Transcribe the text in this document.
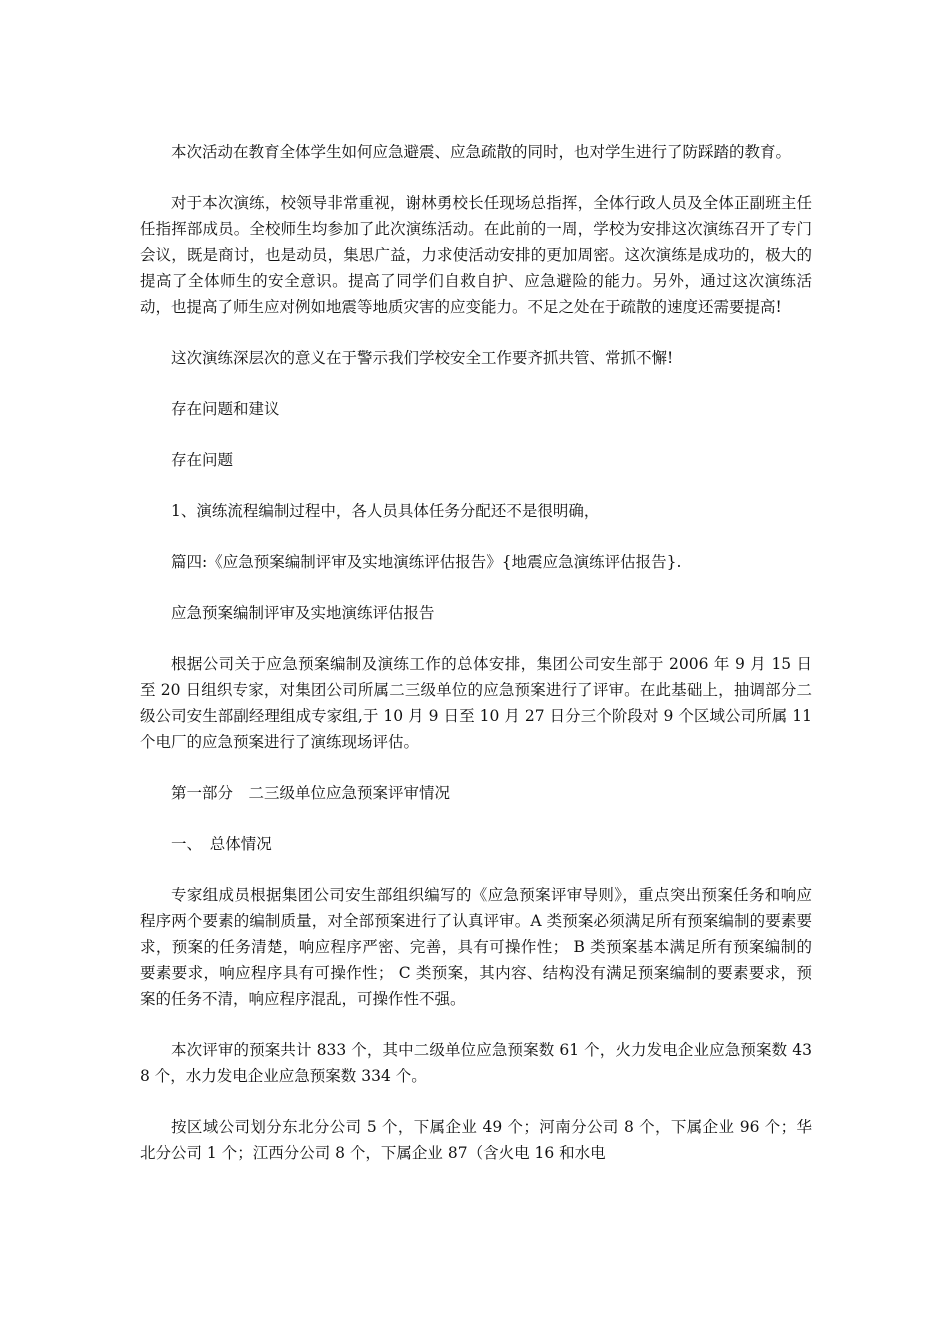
本次活动在教育全体学生如何应急避震、应急疏散的同时，也对学生进行了防踩踏的教育。

对于本次演练，校领导非常重视，谢林勇校长任现场总指挥，全体行政人员及全体正副班主任任指挥部成员。全校师生均参加了此次演练活动。在此前的一周，学校为安排这次演练召开了专门会议，既是商讨，也是动员，集思广益，力求使活动安排的更加周密。这次演练是成功的，极大的提高了全体师生的安全意识。提高了同学们自救自护、应急避险的能力。另外，通过这次演练活动，也提高了师生应对例如地震等地质灾害的应变能力。不足之处在于疏散的速度还需要提高!

这次演练深层次的意义在于警示我们学校安全工作要齐抓共管、常抓不懈!

存在问题和建议

存在问题

1、演练流程编制过程中，各人员具体任务分配还不是很明确，

篇四:《应急预案编制评审及实地演练评估报告》{地震应急演练评估报告}.

应急预案编制评审及实地演练评估报告

根据公司关于应急预案编制及演练工作的总体安排，集团公司安生部于 2006 年 9 月 15 日至 20 日组织专家，对集团公司所属二三级单位的应急预案进行了评审。在此基础上，抽调部分二级公司安生部副经理组成专家组,于 10 月 9 日至 10 月 27 日分三个阶段对 9 个区域公司所属 11 个电厂的应急预案进行了演练现场评估。

第一部分　二三级单位应急预案评审情况

一、　总体情况

专家组成员根据集团公司安生部组织编写的《应急预案评审导则》，重点突出预案任务和响应程序两个要素的编制质量，对全部预案进行了认真评审。A 类预案必须满足所有预案编制的要素要求，预案的任务清楚，响应程序严密、完善，具有可操作性； B 类预案基本满足所有预案编制的要素要求，响应程序具有可操作性； C 类预案，其内容、结构没有满足预案编制的要素要求，预案的任务不清，响应程序混乱，可操作性不强。

本次评审的预案共计 833 个，其中二级单位应急预案数 61 个，火力发电企业应急预案数 438 个，水力发电企业应急预案数 334 个。

按区域公司划分东北分公司 5 个，下属企业 49 个；河南分公司 8 个，下属企业 96 个；华北分公司 1 个；江西分公司 8 个，下属企业 87（含火电 16 和水电
